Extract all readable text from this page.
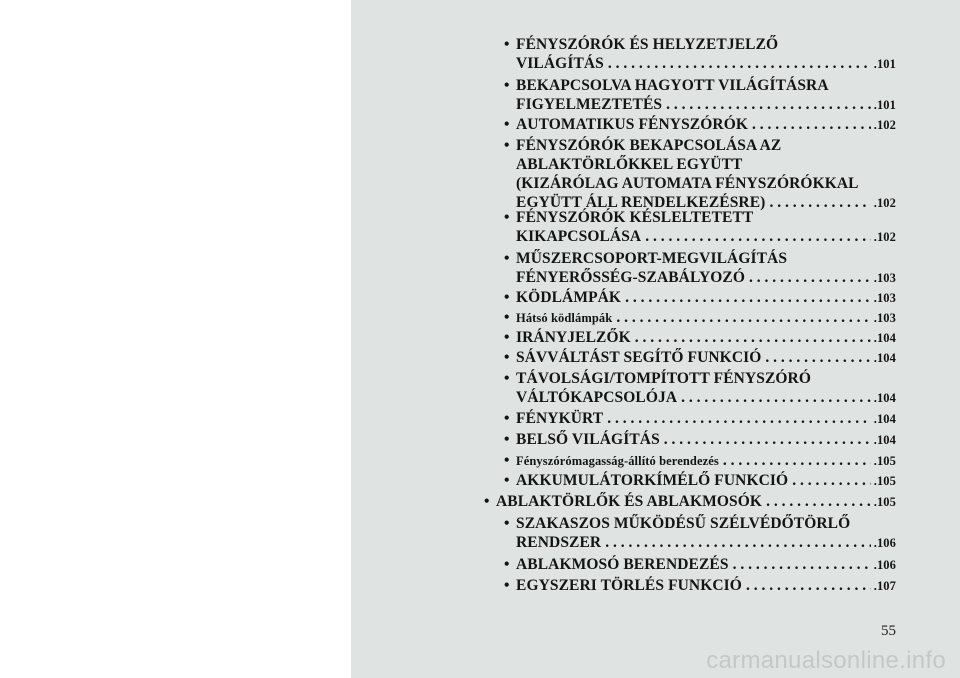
• FÉNYSZÓRÓK ÉS HELYZETJELZŐ
VILÁGÍTÁS . . .	.101
• BEKAPCSOLVA HAGYOTT VILÁGÍTÁSRA
FIGYELMEZTETÉS . . .	.101
• AUTOMATIKUS FÉNYSZÓRÓK . . .	.102
• FÉNYSZÓRÓK BEKAPCSOLÁSA AZ
ABLAKTÖRLŐKKEL EGYÜTT
(KIZÁRÓLAG AUTOMATA FÉNYSZÓRÓKKAL
EGYÜTT ÁLL RENDELKEZÉSRE) . . .	.102
• FÉNYSZÓRÓK KÉSLELTETETT
KIKAPCSOLÁSA . . .	.102
• MŰSZERCSOPORT-MEGVILÁGÍTÁS
FÉNYERŐSSÉG-SZABÁLYOZÓ . . .	.103
• KÖDLÁMPÁK . . .	.103
• Hátsó ködlámpák . . .	.103
• IRÁNYJELZŐK . . .	.104
• SÁVVÁLTÁST SEGÍTŐ FUNKCIÓ . . .	.104
• TÁVOLSÁGI/TOMPÍTOTT FÉNYSZÓRÓ
VÁLTÓKAPCSOLÓJA . . .	.104
• FÉNYKÜRT . . .	.104
• BELSŐ VILÁGÍTÁS . . .	.104
• Fényszórómagasság-állító berendezés . . .	.105
• AKKUMULÁTORKÍMÉLŐ FUNKCIÓ . . .	.105
• ABLAKTÖRLŐK ÉS ABLAKMOSÓK . . .	.105
• SZAKASZOS MŰKÖDÉSŰ SZÉLVÉDŐTÖRLŐ
RENDSZER . . .	.106
• ABLAKMOSÓ BERENDEZÉS . . .	.106
• EGYSZERI TÖRLÉS FUNKCIÓ . . .	.107
55
carmanualsonline.info
